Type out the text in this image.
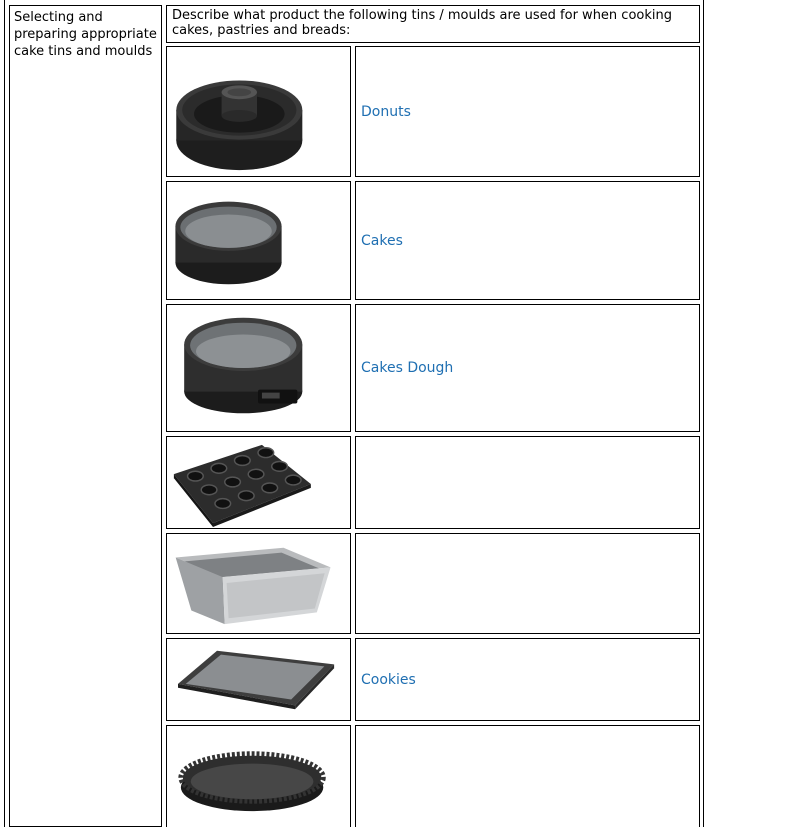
Selecting and preparing appropriate cake tins and moulds
Describe what product the following tins / moulds are used for when cooking cakes, pastries and breads:
Donuts
Cakes
Cakes Dough
Cookies
